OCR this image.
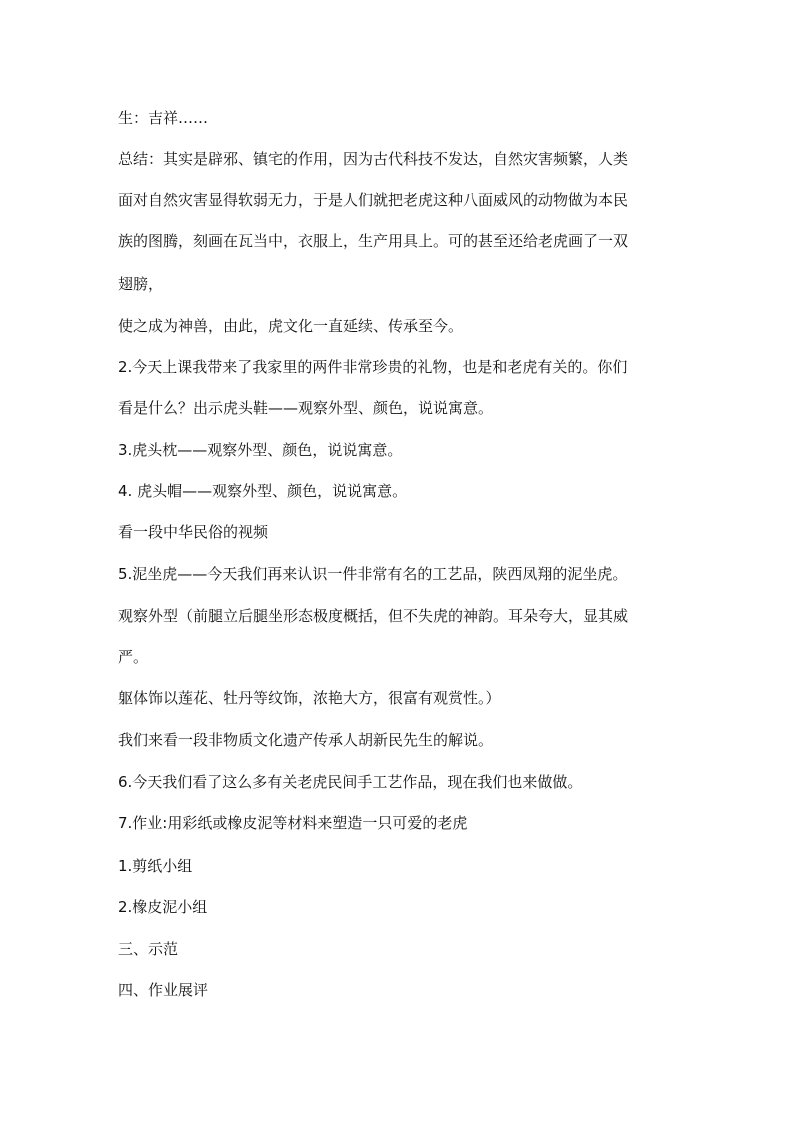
生：吉祥……
总结：其实是辟邪、镇宅的作用，因为古代科技不发达，自然灾害频繁，人类
面对自然灾害显得软弱无力，于是人们就把老虎这种八面威风的动物做为本民
族的图腾，刻画在瓦当中，衣服上，生产用具上。可的甚至还给老虎画了一双
翅膀，
使之成为神兽，由此，虎文化一直延续、传承至今。
2.今天上课我带来了我家里的两件非常珍贵的礼物，也是和老虎有关的。你们
看是什么？出示虎头鞋——观察外型、颜色，说说寓意。
3.虎头枕——观察外型、颜色，说说寓意。
4. 虎头帽——观察外型、颜色，说说寓意。
看一段中华民俗的视频
5.泥坐虎——今天我们再来认识一件非常有名的工艺品，陕西凤翔的泥坐虎。
观察外型（前腿立后腿坐形态极度概括，但不失虎的神韵。耳朵夸大，显其威
严。
躯体饰以莲花、牡丹等纹饰，浓艳大方，很富有观赏性。）
我们来看一段非物质文化遗产传承人胡新民先生的解说。
6.今天我们看了这么多有关老虎民间手工艺作品，现在我们也来做做。
7.作业:用彩纸或橡皮泥等材料来塑造一只可爱的老虎
1.剪纸小组
2.橡皮泥小组
三、示范
四、作业展评
